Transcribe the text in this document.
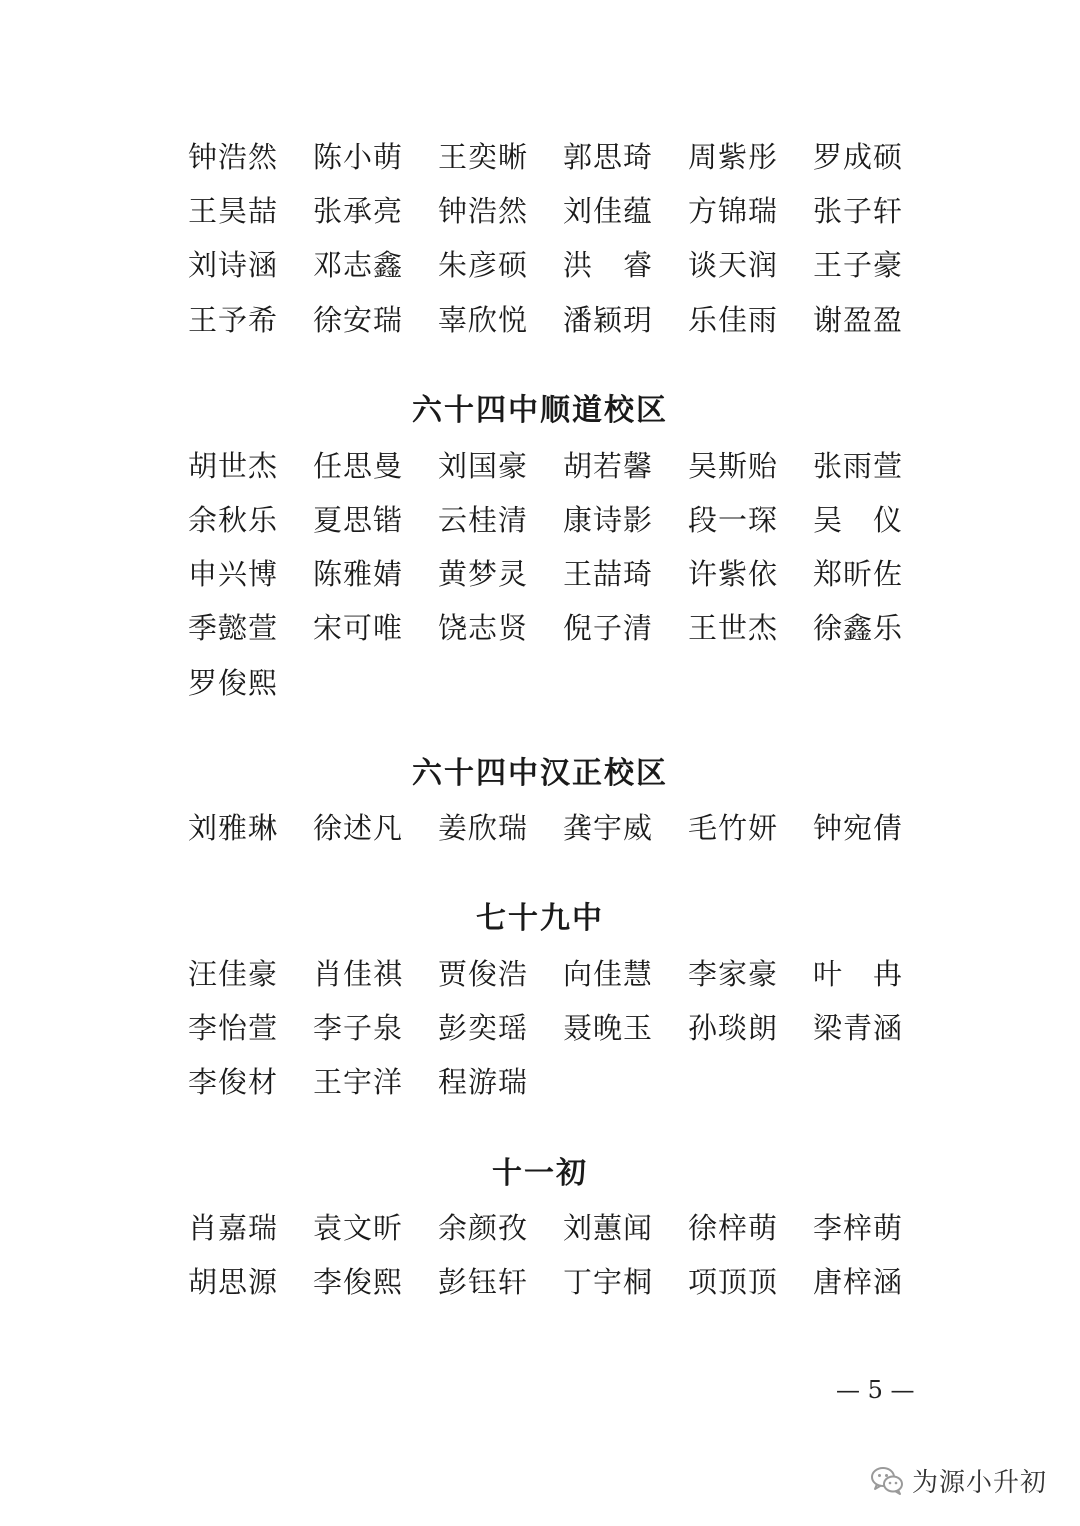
钟浩然 陈小萌 王奕晰 郭思琦 周紫彤 罗成硕
王昊喆 张承亮 钟浩然 刘佳蕴 方锦瑞 张子轩
刘诗涵 邓志鑫 朱彦硕 洪　睿 谈天润 王子豪
王予希 徐安瑞 辜欣悦 潘颖玥 乐佳雨 谢盈盈
六十四中顺道校区
胡世杰 任思曼 刘国豪 胡若馨 吴斯贻 张雨萱
余秋乐 夏思锴 云桂清 康诗影 段一琛 吴　仪
申兴博 陈雅婧 黄梦灵 王喆琦 许紫依 郑昕佐
季懿萱 宋可唯 饶志贤 倪子清 王世杰 徐鑫乐
罗俊熙
六十四中汉正校区
刘雅琳 徐述凡 姜欣瑞 龚宇威 毛竹妍 钟宛倩
七十九中
汪佳豪 肖佳祺 贾俊浩 向佳慧 李家豪 叶　冉
李怡萱 李子泉 彭奕瑶 聂晚玉 孙琰朗 梁青涵
李俊材 王宇洋 程游瑞
十一初
肖嘉瑞 袁文昕 余颜孜 刘蕙闻 徐梓萌 李梓萌
胡思源 李俊熙 彭钰轩 丁宇桐 项顶顶 唐梓涵
— 5 —
为源小升初
